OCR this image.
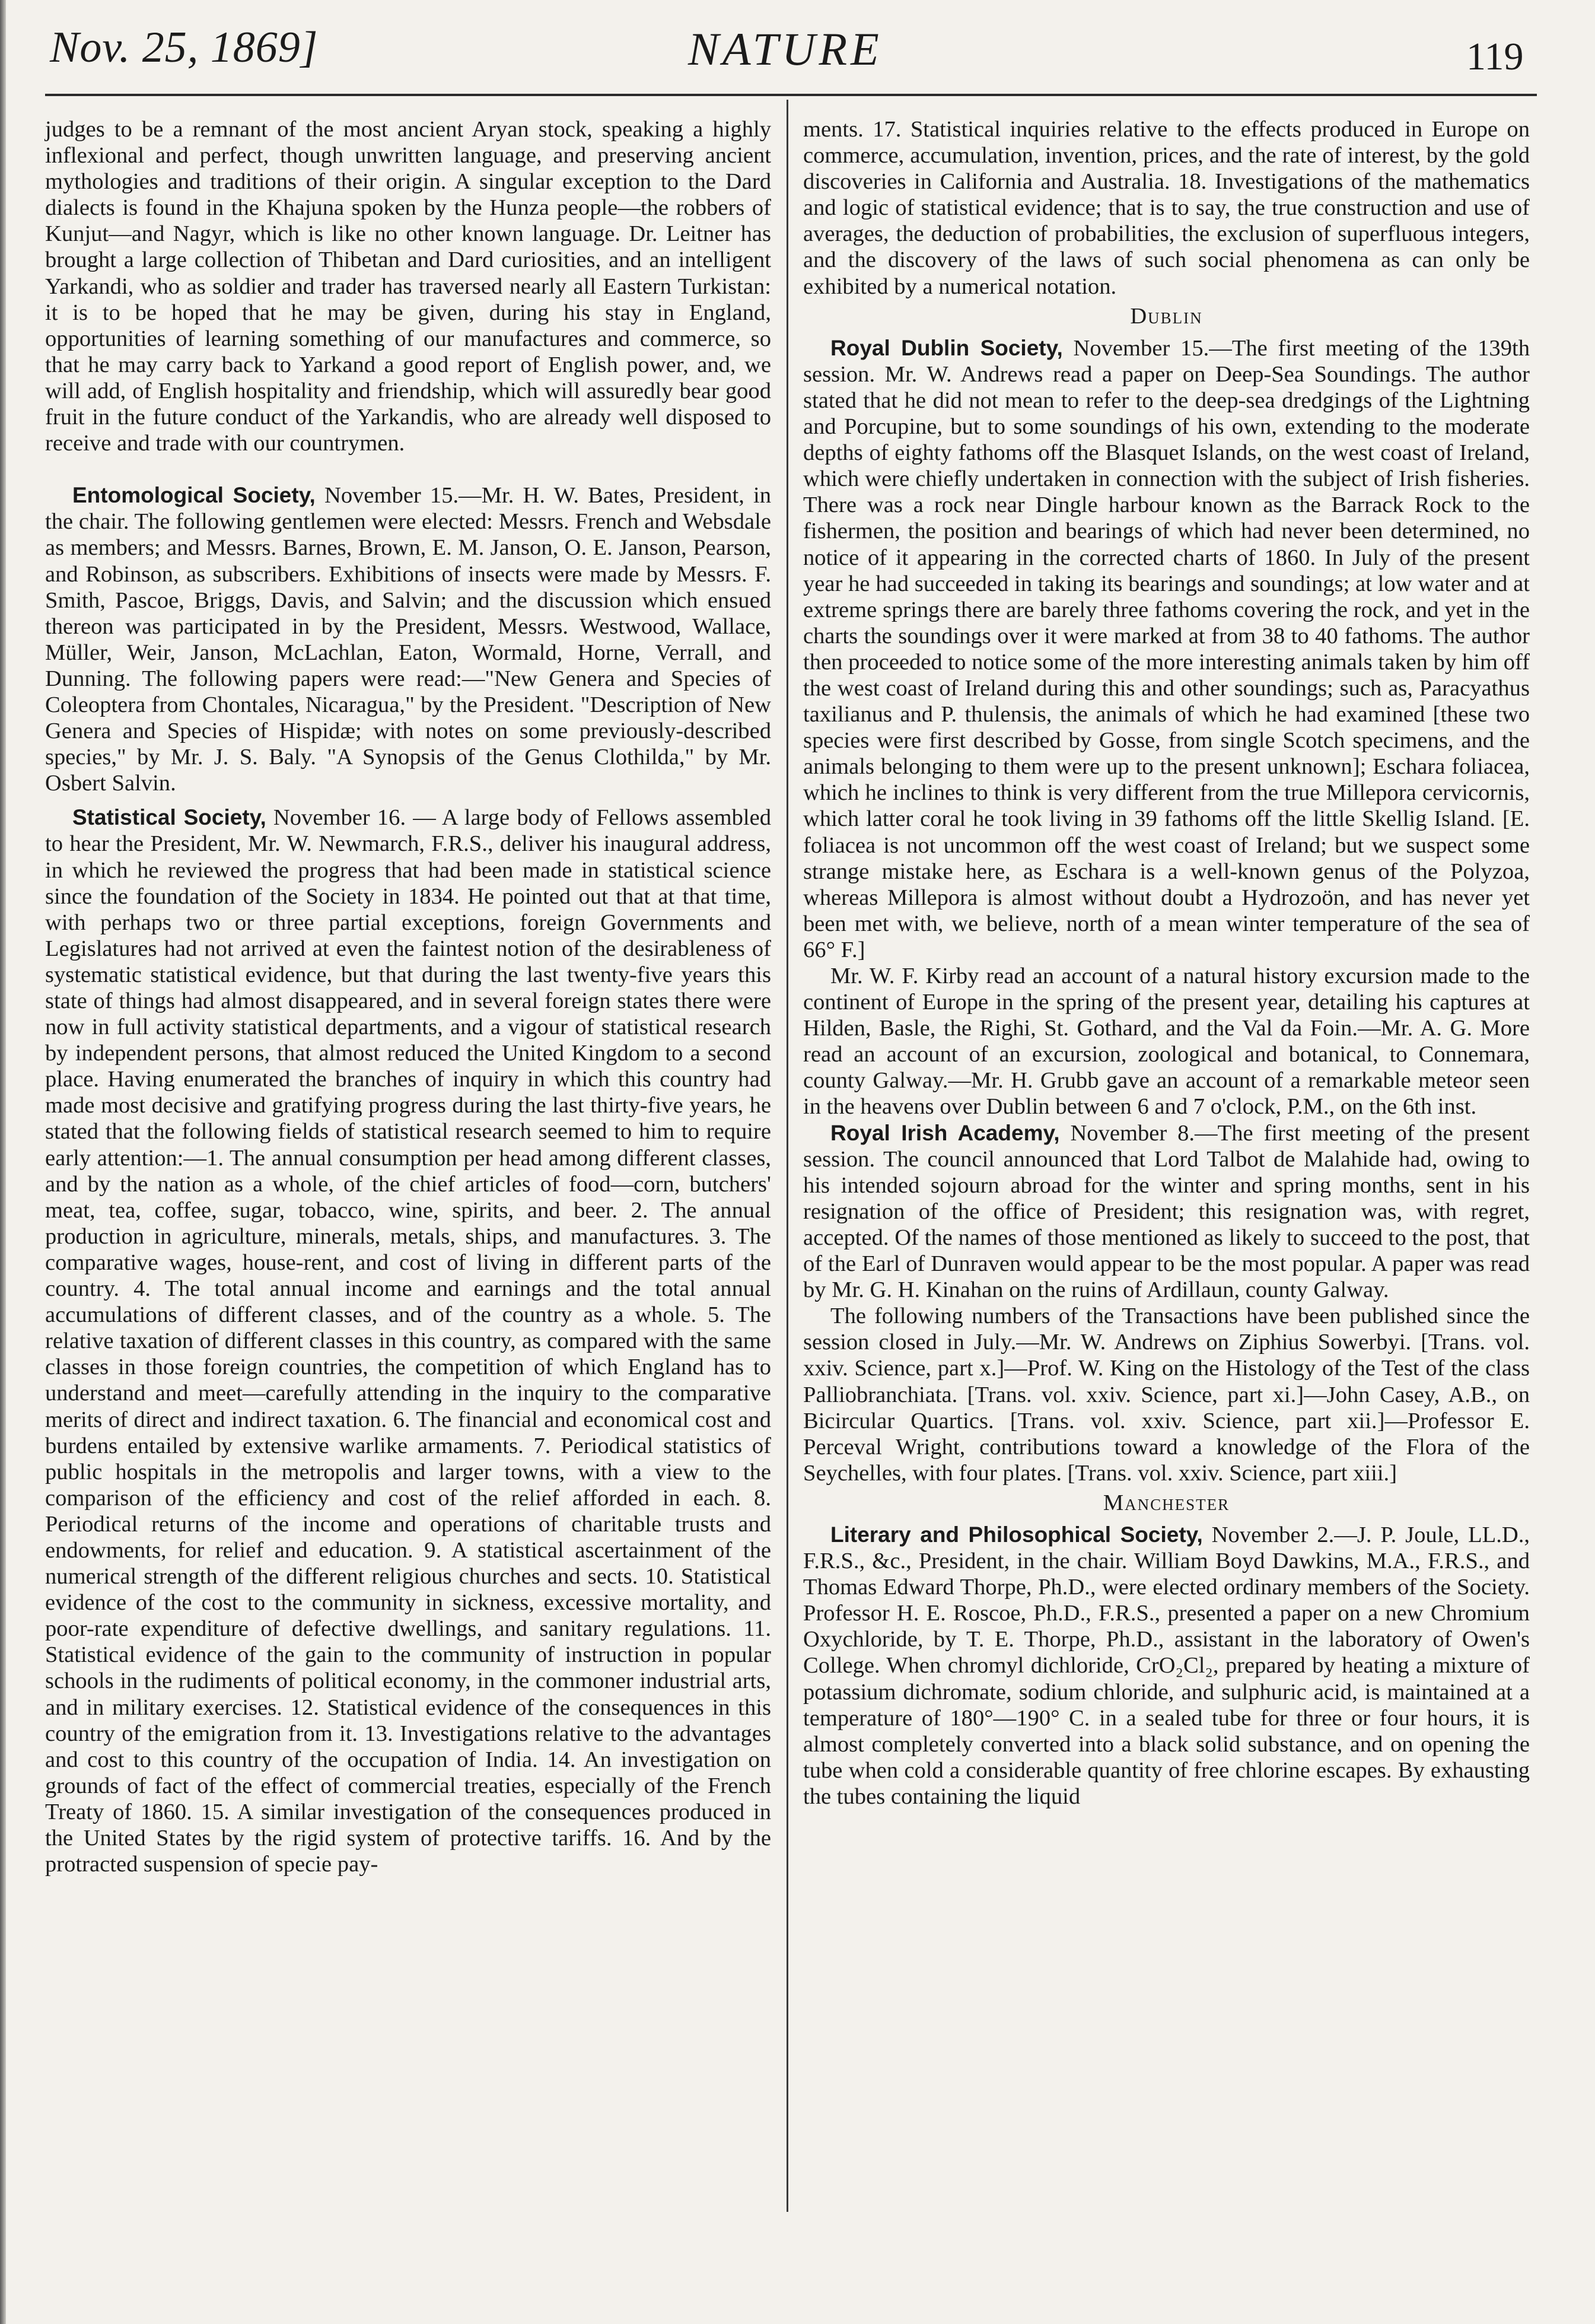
Nov. 25, 1869]	NATURE	119

judges to be a remnant of the most ancient Aryan stock, speaking a highly inflexional and perfect, though unwritten language, and preserving ancient mythologies and traditions of their origin. A singular exception to the Dard dialects is found in the Khajuna spoken by the Hunza people—the robbers of Kunjut—and Nagyr, which is like no other known language. Dr. Leitner has brought a large collection of Thibetan and Dard curiosities, and an intelligent Yarkandi, who as soldier and trader has traversed nearly all Eastern Turkistan: it is to be hoped that he may be given, during his stay in England, opportunities of learning something of our manufactures and commerce, so that he may carry back to Yarkand a good report of English power, and, we will add, of English hospitality and friendship, which will assuredly bear good fruit in the future conduct of the Yarkandis, who are already well disposed to receive and trade with our countrymen.

Entomological Society, November 15.—Mr. H. W. Bates, President, in the chair. The following gentlemen were elected: Messrs. French and Websdale as members; and Messrs. Barnes, Brown, E. M. Janson, O. E. Janson, Pearson, and Robinson, as subscribers. Exhibitions of insects were made by Messrs. F. Smith, Pascoe, Briggs, Davis, and Salvin; and the discussion which ensued thereon was participated in by the President, Messrs. Westwood, Wallace, Müller, Weir, Janson, McLachlan, Eaton, Wormald, Horne, Verrall, and Dunning. The following papers were read:—"New Genera and Species of Coleoptera from Chontales, Nicaragua," by the President. "Description of New Genera and Species of Hispidæ; with notes on some previously-described species," by Mr. J. S. Baly. "A Synopsis of the Genus Clothilda," by Mr. Osbert Salvin.

Statistical Society, November 16. — A large body of Fellows assembled to hear the President, Mr. W. Newmarch, F.R.S., deliver his inaugural address, in which he reviewed the progress that had been made in statistical science since the foundation of the Society in 1834. He pointed out that at that time, with perhaps two or three partial exceptions, foreign Governments and Legislatures had not arrived at even the faintest notion of the desirableness of systematic statistical evidence, but that during the last twenty-five years this state of things had almost disappeared, and in several foreign states there were now in full activity statistical departments, and a vigour of statistical research by independent persons, that almost reduced the United Kingdom to a second place. Having enumerated the branches of inquiry in which this country had made most decisive and gratifying progress during the last thirty-five years, he stated that the following fields of statistical research seemed to him to require early attention:—1. The annual consumption per head among different classes, and by the nation as a whole, of the chief articles of food—corn, butchers' meat, tea, coffee, sugar, tobacco, wine, spirits, and beer. 2. The annual production in agriculture, minerals, metals, ships, and manufactures. 3. The comparative wages, house-rent, and cost of living in different parts of the country. 4. The total annual income and earnings and the total annual accumulations of different classes, and of the country as a whole. 5. The relative taxation of different classes in this country, as compared with the same classes in those foreign countries, the competition of which England has to understand and meet—carefully attending in the inquiry to the comparative merits of direct and indirect taxation. 6. The financial and economical cost and burdens entailed by extensive warlike armaments. 7. Periodical statistics of public hospitals in the metropolis and larger towns, with a view to the comparison of the efficiency and cost of the relief afforded in each. 8. Periodical returns of the income and operations of charitable trusts and endowments, for relief and education. 9. A statistical ascertainment of the numerical strength of the different religious churches and sects. 10. Statistical evidence of the cost to the community in sickness, excessive mortality, and poor-rate expenditure of defective dwellings, and sanitary regulations. 11. Statistical evidence of the gain to the community of instruction in popular schools in the rudiments of political economy, in the commoner industrial arts, and in military exercises. 12. Statistical evidence of the consequences in this country of the emigration from it. 13. Investigations relative to the advantages and cost to this country of the occupation of India. 14. An investigation on grounds of fact of the effect of commercial treaties, especially of the French Treaty of 1860. 15. A similar investigation of the consequences produced in the United States by the rigid system of protective tariffs. 16. And by the protracted suspension of specie pay-

ments. 17. Statistical inquiries relative to the effects produced in Europe on commerce, accumulation, invention, prices, and the rate of interest, by the gold discoveries in California and Australia. 18. Investigations of the mathematics and logic of statistical evidence; that is to say, the true construction and use of averages, the deduction of probabilities, the exclusion of superfluous integers, and the discovery of the laws of such social phenomena as can only be exhibited by a numerical notation.

Dublin

Royal Dublin Society, November 15.—The first meeting of the 139th session. Mr. W. Andrews read a paper on Deep-Sea Soundings. The author stated that he did not mean to refer to the deep-sea dredgings of the Lightning and Porcupine, but to some soundings of his own, extending to the moderate depths of eighty fathoms off the Blasquet Islands, on the west coast of Ireland, which were chiefly undertaken in connection with the subject of Irish fisheries. There was a rock near Dingle harbour known as the Barrack Rock to the fishermen, the position and bearings of which had never been determined, no notice of it appearing in the corrected charts of 1860. In July of the present year he had succeeded in taking its bearings and soundings; at low water and at extreme springs there are barely three fathoms covering the rock, and yet in the charts the soundings over it were marked at from 38 to 40 fathoms. The author then proceeded to notice some of the more interesting animals taken by him off the west coast of Ireland during this and other soundings; such as, Paracyathus taxilianus and P. thulensis, the animals of which he had examined [these two species were first described by Gosse, from single Scotch specimens, and the animals belonging to them were up to the present unknown]; Eschara foliacea, which he inclines to think is very different from the true Millepora cervicornis, which latter coral he took living in 39 fathoms off the little Skellig Island. [E. foliacea is not uncommon off the west coast of Ireland; but we suspect some strange mistake here, as Eschara is a well-known genus of the Polyzoa, whereas Millepora is almost without doubt a Hydrozoön, and has never yet been met with, we believe, north of a mean winter temperature of the sea of 66° F.]

Mr. W. F. Kirby read an account of a natural history excursion made to the continent of Europe in the spring of the present year, detailing his captures at Hilden, Basle, the Righi, St. Gothard, and the Val da Foin.—Mr. A. G. More read an account of an excursion, zoological and botanical, to Connemara, county Galway.—Mr. H. Grubb gave an account of a remarkable meteor seen in the heavens over Dublin between 6 and 7 o'clock, P.M., on the 6th inst.

Royal Irish Academy, November 8.—The first meeting of the present session. The council announced that Lord Talbot de Malahide had, owing to his intended sojourn abroad for the winter and spring months, sent in his resignation of the office of President; this resignation was, with regret, accepted. Of the names of those mentioned as likely to succeed to the post, that of the Earl of Dunraven would appear to be the most popular. A paper was read by Mr. G. H. Kinahan on the ruins of Ardillaun, county Galway.

The following numbers of the Transactions have been published since the session closed in July.—Mr. W. Andrews on Ziphius Sowerbyi. [Trans. vol. xxiv. Science, part x.]—Prof. W. King on the Histology of the Test of the class Palliobranchiata. [Trans. vol. xxiv. Science, part xi.]—John Casey, A.B., on Bicircular Quartics. [Trans. vol. xxiv. Science, part xii.]—Professor E. Perceval Wright, contributions toward a knowledge of the Flora of the Seychelles, with four plates. [Trans. vol. xxiv. Science, part xiii.]

Manchester

Literary and Philosophical Society, November 2.—J. P. Joule, LL.D., F.R.S., &c., President, in the chair. William Boyd Dawkins, M.A., F.R.S., and Thomas Edward Thorpe, Ph.D., were elected ordinary members of the Society. Professor H. E. Roscoe, Ph.D., F.R.S., presented a paper on a new Chromium Oxychloride, by T. E. Thorpe, Ph.D., assistant in the laboratory of Owen's College. When chromyl dichloride, CrO₂Cl₂, prepared by heating a mixture of potassium dichromate, sodium chloride, and sulphuric acid, is maintained at a temperature of 180°—190° C. in a sealed tube for three or four hours, it is almost completely converted into a black solid substance, and on opening the tube when cold a considerable quantity of free chlorine escapes. By exhausting the tubes containing the liquid
